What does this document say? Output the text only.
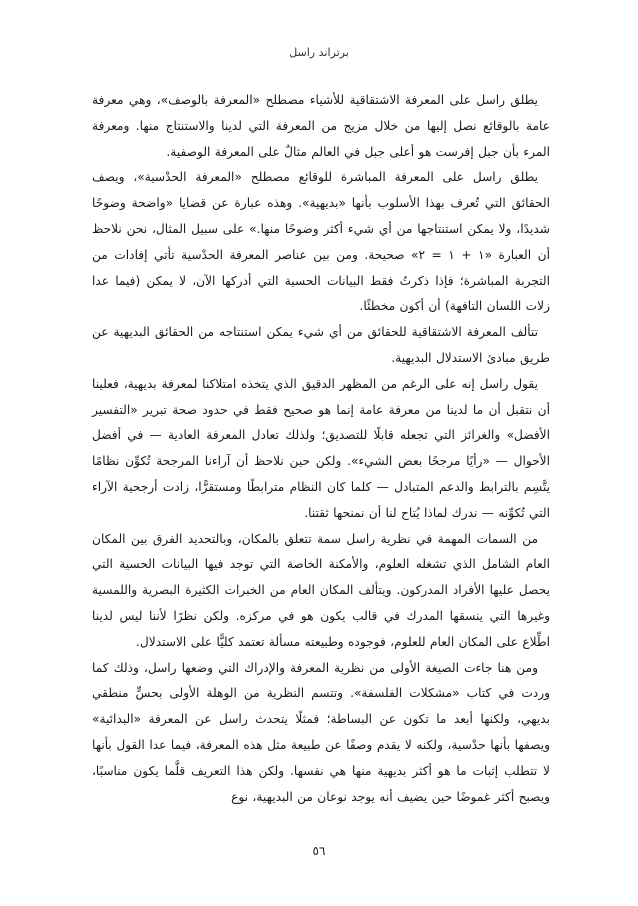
برتراند راسل

يطلق راسل على المعرفة الاشتقاقية للأشياء مصطلح «المعرفة بالوصف»، وهي معرفة عامة بالوقائع نصل إليها من خلال مزيج من المعرفة التي لدينا والاستنتاج منها. ومعرفة المرء بأن جبل إفرست هو أعلى جبل في العالم مثالٌ على المعرفة الوصفية.

يطلق راسل على المعرفة المباشرة للوقائع مصطلح «المعرفة الحدْسية»، ويصف الحقائق التي تُعرف بهذا الأسلوب بأنها «بديهية». وهذه عبارة عن قضايا «واضحة وضوحًا شديدًا، ولا يمكن استنتاجها من أي شيء أكثر وضوحًا منها.» على سبيل المثال، نحن نلاحظ أن العبارة «١ + ١ = ٢» صحيحة. ومن بين عناصر المعرفة الحدْسية تأتي إفادات من التجربة المباشرة؛ فإذا ذكرتُ فقط البيانات الحسية التي أدركها الآن، لا يمكن (فيما عدا زلات اللسان التافهة) أن أكون مخطئًا.

تتألف المعرفة الاشتقاقية للحقائق من أي شيء يمكن استنتاجه من الحقائق البديهية عن طريق مبادئ الاستدلال البديهية.

يقول راسل إنه على الرغم من المظهر الدقيق الذي يتخذه امتلاكنا لمعرفة بديهية، فعلينا أن نتقبل أن ما لدينا من معرفة عامة إنما هو صحيح فقط في حدود صحة تبرير «التفسير الأفضل» والغرائز التي تجعله قابلًا للتصديق؛ ولذلك تعادل المعرفة العادية — في أفضل الأحوال — «رأيًا مرجحًا بعض الشيء». ولكن حين نلاحظ أن آراءنا المرجحة تُكوِّن نظامًا يتَّسِم بالترابط والدعم المتبادل — كلما كان النظام مترابطًا ومستقرًّا، زادت أرجحية الآراء التي تُكوِّنه — ندرك لماذا يُتاح لنا أن نمنحها ثقتنا.

من السمات المهمة في نظرية راسل سمة تتعلق بالمكان، وبالتحديد الفرق بين المكان العام الشامل الذي تشغله العلوم، والأمكنة الخاصة التي توجد فيها البيانات الحسية التي يحصل عليها الأفراد المدركون. ويتألف المكان العام من الخبرات الكثيرة البصرية واللمسية وغيرها التي ينسقها المدرك في قالب يكون هو في مركزه. ولكن نظرًا لأننا ليس لدينا اطِّلاع على المكان العام للعلوم، فوجوده وطبيعته مسألة تعتمد كليًّا على الاستدلال.

ومن هنا جاءت الصيغة الأولى من نظرية المعرفة والإدراك التي وضعها راسل، وذلك كما وردت في كتاب «مشكلات الفلسفة». وتتسم النظرية من الوهلة الأولى بحسٍّ منطقي بديهي، ولكنها أبعد ما تكون عن البساطة؛ فمثلًا يتحدث راسل عن المعرفة «البدائية» ويصفها بأنها حدْسية، ولكنه لا يقدم وصفًا عن طبيعة مثل هذه المعرفة، فيما عدا القول بأنها لا تتطلب إثبات ما هو أكثر بديهية منها هي نفسها. ولكن هذا التعريف قلَّما يكون مناسبًا، ويصبح أكثر غموضًا حين يضيف أنه يوجد نوعان من البديهية، نوع

٥٦
